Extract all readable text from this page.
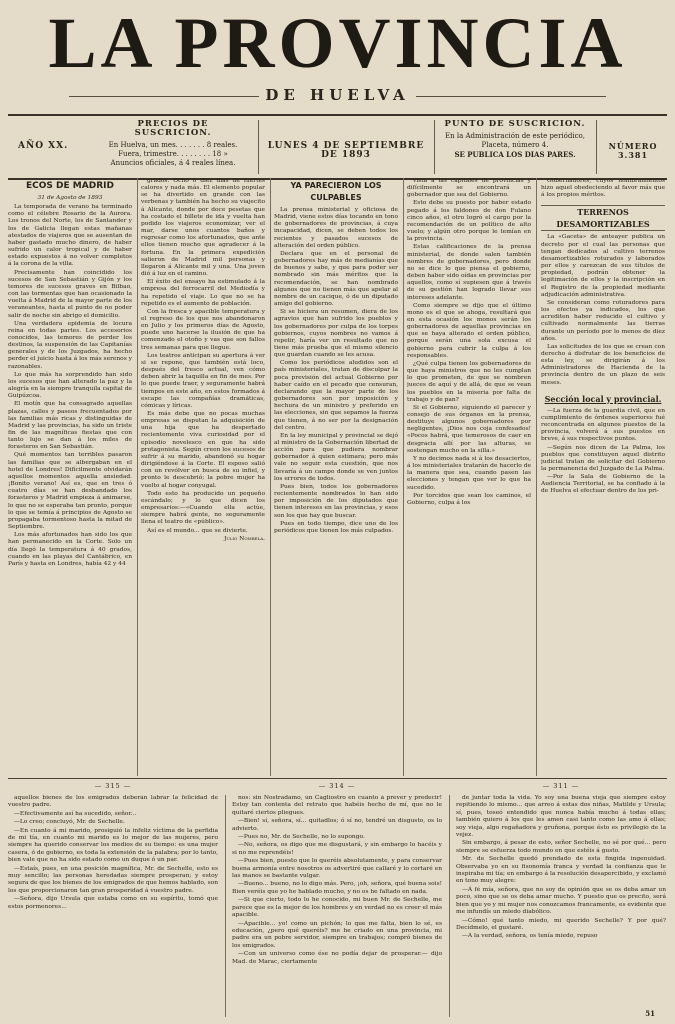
LA PROVINCIA
DE HUELVA
PRECIOS DE SUSCRICION.
En Huelva, un mes. . . . . . . 8 reales.
Fuera, trimestre. . . . . . . . 18 »
Anuncios oficiales, á 4 reales línea.
AÑO XX.	LUNES 4 DE SEPTIEMBRE DE 1893
PUNTO DE SUSCRICION.
En la Administración de este periódico,
Placeta, número 4.
SE PUBLICA LOS DIAS PARES.
NÚMERO 3.381

ECOS DE MADRID

31 de Agosto de 1893

La temporada de verano ha terminado como el célebre Rosario de la Aurora. Los tronos del Norte, los de Santander y los de Galicia llegan estas mañanas atestados de viajeros que se ausentan de haber gastado mucho dinero, de haber sufrido un calor tropical y de haber estado expuestos á no volver completos á la corona de la villa.

Precisamente han coincidido los sucesos de San Sebastián y Gijón y los temores de sucesos graves en Bilbao, con las tormentas que han ocasionado la vuelta á Madrid de la mayor parte de los veraneantes, hasta el punto de no poder salir de noche sin abrigo el domicilio.

Una verdadera epidemia de locura reina en todas partes. Los accesorios conocidos, las temores de perder los destinos, la suspensión de las Capitanías generales y de los Juzgados, ha hecho perder el juicio hasta á los más serenos y razonables.

Lo que más ha sorprendido han sido los sucesos que han alterado la paz y la alegría en la siempre tranquila capital de Guipúzcoa.

El motín que ha consagrado aquellas plazas, calles y paseos frecuentados por las familias más ricas y distinguidas de Madrid y las provincias, ha sido un triste fin de las magníficas fiestas que con tanto lujo se dan á los miles de forasteros en San Sebastián.

Qué momentos tan terribles pasaron las familias que se albergaban en el hotel de Londres! Difícilmente olvidarán aquellos momentos aquella ansiedad. ¡Bonito verano! Así es, que en tres ó cuatro días se han desbandado los forasteros y Madrid empieza á animarse, lo que no se esperaba tan pronto, porque lo que se temía á principios de Agosto se propagaba tormentoso hasta la mitad de Septiembre.

Los más afortunados han sido los que han permanecido en la Corte. Solo un día llegó la temperatura á 40 grados, cuando en las playas del Cantábrico, en París y hasta en Londres, había 42 y 44

grados. Ocho ó diez días de fuertes calores y nada más. El elemento popular se ha divertido en grande con las verbenas y también ha hecho su viajecito á Alicante, donde por doce pesetas que ha costado el billete de ida y vuelta han podido los viajeros economizar, ver el mar, darse unos cuantos baños y regresar como los afortunados, que ante ellos tienen mucho que agradecer á la fortuna. En la primera expedición salieron de Madrid mil personas y llegaron á Alicante mil y una. Una joven dió á luz en el camino.

El éxito del ensayo ha estimulado á la empresa del ferrocarril del Mediodía y ha repetido el viaje. Lo que no se ha repetido es el aumento de población.

Con la fresca y apacible temperatura y el regreso de los que nos abandonaron en Julio y los primeros días de Agosto, puede uno hacerse la ilusión de que ha comenzado el otoño y vas que son fallos tres semanas para que llegue.

Los teatros anticipan su apertura á ver si se repone, que también está loco, después del fresco actual, ven cómo deben abrir la taquilla en fin de mes. Por lo que puede traer, y seguramente habrá tiempos en este año, en estos formados á escape las compañías dramáticas, cómicas y líricas.

Es más debe que no pocas muchas empresas se disputan la adquisición de una hija que ha despertado recientemente viva curiosidad por el episodio novelesco en que ha sido protagonista. Según creen los sucesos de sufrir á su marido, abandonó su hogar dirigiéndose á la Corte. El esposo salió con un revólver en busca de su infiel, y pronto le descubrió; la pobre mujer ha vuelto al hogar conyugal.

Todo esto ha producido un pequeño escándalo; y lo que dicen los empresarios:—«Cuando ella actúe, siempre habrá gente, no seguramente llena el teatro de «público».

Así es el mundo... que se divierte.

Julio Nombela.

YA PARECIERON LOS CULPABLES

La prensa ministerial y oficiosa de Madrid, viene estos días tocando en tono de gobernadores de provincias, á cuya incapacidad, dicen, se deben todos los recientes y pasados sucesos de alteración del orden público.

Declara que en el personal de gobernadores hay más de medianías que de buenos y sabe, y que para poder ser nombrado sin más méritos que la recomendación, se han nombrado algunos que no tienen más que apelar al nombre de un cacique, ó de un diputado amigo del gobierno.

Si se hiciera un resumen, diera de los agravios que han sufrido los pueblos y los gobernadores por culpa de los torpes gobiernos, cuyos nombres no vamos á repetir, haría ver un resultado que no tiene más prueba que el mismo silencio que guardan cuando se les acusa.

Como los periódicos aludidos son el país ministeriales, tratan de disculpar la poca previsión del actual Gobierno por haber caído en el pecado que censuran, declarando que la mayor parte de los gobernadores son por imposición y hechura de un ministro y preferido en las elecciones, sin que sepamos la fuerza que tienen, á no ser por la designación del centro.

En la ley municipal y provincial se dejó al ministro de la Gobernación libertad de acción para que pudiera nombrar gobernador á quien estimara; pero más vale no seguir esta cuestión, que nos llevaría á un campo donde se ven juntos los errores de todos.

Pues bien, todos los gobernadores recientemente nombrados lo han sido por imposición de los diputados que tienen intereses en las provincias, y esos son los que hay que buscar.

Pues en todo tiempo, dice uno de los periódicos que tienen los más culpados.

vista á las capitales de provincias y difícilmente se encontrará un gobernador que sea del Gobierno.

Esto debe su puesto por haber estado pegado á los faldones de don Fulano cinco años, el otro logró el cargo por la recomendación de un político de alto vuelo; y algún otro porque le temían en la provincia.

Estas calificaciones de la prensa ministerial, de donde salen también nombres de gobernadores, pero donde no se dice lo que piensa el gobierno, deben haber sido oídas en provincias por aquellos, como sí supiesen que á través de su gestión han logrado llevar sus intereses adelante.

Como siempre se dijo que el último mono es el que se ahoga, resultará que en esta ocasión los monos serán los gobernadores de aquellas provincias en que se haya alterado el orden público, porque serán una sola excusa el gobierno para cubrir la culpa á los responsables.

¿Qué culpa tienen los gobernadores de que haya ministros que no les cumplan lo que prometen, de que se nombren jueces de aquí y de allá, de que se vean los pueblos en la miseria por falta de trabajo y de pan?

Si el Gobierno, siguiendo el parecer y consejo de sus órganos en la prensa, destituye algunos gobernadores por negligentes, ¡Dios nos coja confesados! «Pocos habrá, que temerosos de caer en desgracia allí por las alturas, se sostengan mucho en la silla.»

Y no decimos nada si á los desaciertos, á los ministeriales tratarán de hacerlo de la manera que sea, cuando pasen las elecciones y tengan que ver lo que ha sucedido.

Por torcidos que sean los caminos, el Gobierno, culpa á los

Gobernadores, cuyos nombramientos hizo aquel obedeciendo al favor más que á los propios méritos.

TERRENOS DESAMORTIZABLES

La «Gaceta» de anteayer publica un decreto por el cual las personas que tengan dedicados al cultivo terrenos desamortizables roturados y laborados por ellos y carezcan de sus títulos de propiedad, podrán obtener la legitimación de ellos y la inscripción en el Registro de la propiedad mediante adjudicación administrativa.

Se consideran como roturadores para los efectos ya indicados, los que acrediten haber reducido el cultivo y cultivado normalmente las tierras durante un período por lo menos de diez años.

Las solicitudes de los que se crean con derecho á disfrutar de los beneficios de esta ley, se dirigirán á los Administradores de Hacienda de la provincia dentro de un plazo de seis meses.

Sección local y provincial.

—La fuerza de la guardia civil, que en cumplimiento de órdenes superiores fué reconcentrada en algunos puestos de la provincia, volverá á sus puestos en breve, á sus respectivos puntos.

—Según nos dicen de La Palma, los pueblos que constituyen aquel distrito judicial tratan de solicitar del Gobierno la permanencia del Juzgado de La Palma.

—Por la Sala de Gobierno de la Audiencia Territorial, se ha confiado á la de Huelva el efectuar dentro de los pri-

— 315 —	— 314 —	— 311 —

aquellos bienes de los emigrados deberán labrar la felicidad de vuestro padre.

—Efectivamente así ha sucedido, señor...

—Lo creo; concluyó, Mr. de Sechelle.

—En cuanto á mi marido, prosiguió la infeliz víctima de la perfidia de mi tía, en cuanto mi marido es lo mejor de las mujeres, pero siempre ha querido conservar los medios de su tiempo: es una mujer casera, ó de gobierno, es toda la extensión de la palabra; por lo tanto, bien vale que no ha sido estado como un duque ó un par.

—Estaís, pues, en una posición magnífica, Mr. de Sechelle, esto es muy sencillo; las personas heredadas siempre prosperan; y estoy segura de que los bienes de los emigrados de que hemos hablado, son los que proporcionaron tan gran prosperidad á vuestro padre.

—Señora, dijo Ursula que estaba como en su espíritu, tomó que estos pormenores...

nos: sin Nostradamo, un Cagliostro en cuanto á prever y predecir! Estoy tan contenta del retrato que habéis hecho de mí, que no le quitaré ciertos pliegues.

—Bien! sí, señora, sí... quitadlos; ó sí no, tendré un disgusto, os lo advierto.

—Pues no, Mr. de Sechelle, no lo supongo.

—No, señora, os digo que me disgustará, y sin embargo lo hacéis y si no me reprendéis!

—Pues bien, puesto que lo queréis absolutamente, y para conservar buena armonía entre nosotros os advertiré que callaré y lo cortaré en las manos se bastante vulgar.

—Bueno... bueno, no lo digo más. Pero, ¡oh, señora, qué buena sois! Bien veréis que yo he hablado mucho, y no os he faltado en nada.

—Si que cierto, todo lo he conocido, mi buen Mr. de Sechelle, me parece que es la mejor de los hombres y en verdad no es creer el más apacible.

—Apacible... yo! como un pichón; lo que me falta, bien lo sé, es educación, ¿pero qué queréis? me he criado en una provincia, mi padre era un pobre servidor, siempre en trabajos; compró bienes de los emigrados.

—Con un universo como ése no podía dejar de prosperar.— dijo Mad. de Marac, ciertamente

de juntar toda la vida. Yo soy una buena vieja que siempre estoy repitiendo lo mismo... que arreo á estas dos niñas, Matilde y Ursula; sí, pues, toseó entendido que nunca había mucho á todas ellas; también quiero á los que les amen casi tanto como las amo á ellas; soy vieja, algo regañadora y gruñona, porque ésto es privilegio de la vejez.

Sin embargo, á pesar de esto, señor Sechelle, no sé por qué... pero siempre se esfuerza todo mundo en que estéis á gusto.

Mr. de Sechelle quedó prendado de esta fingida ingenuidad. Observaba yo en su fisonomía franca y verdad la confianza que le inspiraba mi tía; en embargo á la resolución desapercibido, y exclamó en tono muy alegre:

—Á fé mía, señora, que no soy de opinión que se os deba amar un poco, sino que se os deba amar mucho. Y puesto que os precito, será bien que yo y mi mujer nos conozcamos francamente, es evidente que me infundís un miedo diabólico.

—Cómo! qué tanto miedo, mi querido Sechelle? Y por qué? Decídmelo, el gustaré.

—A la verdad, señora, os tenía miedo, repuso

51
